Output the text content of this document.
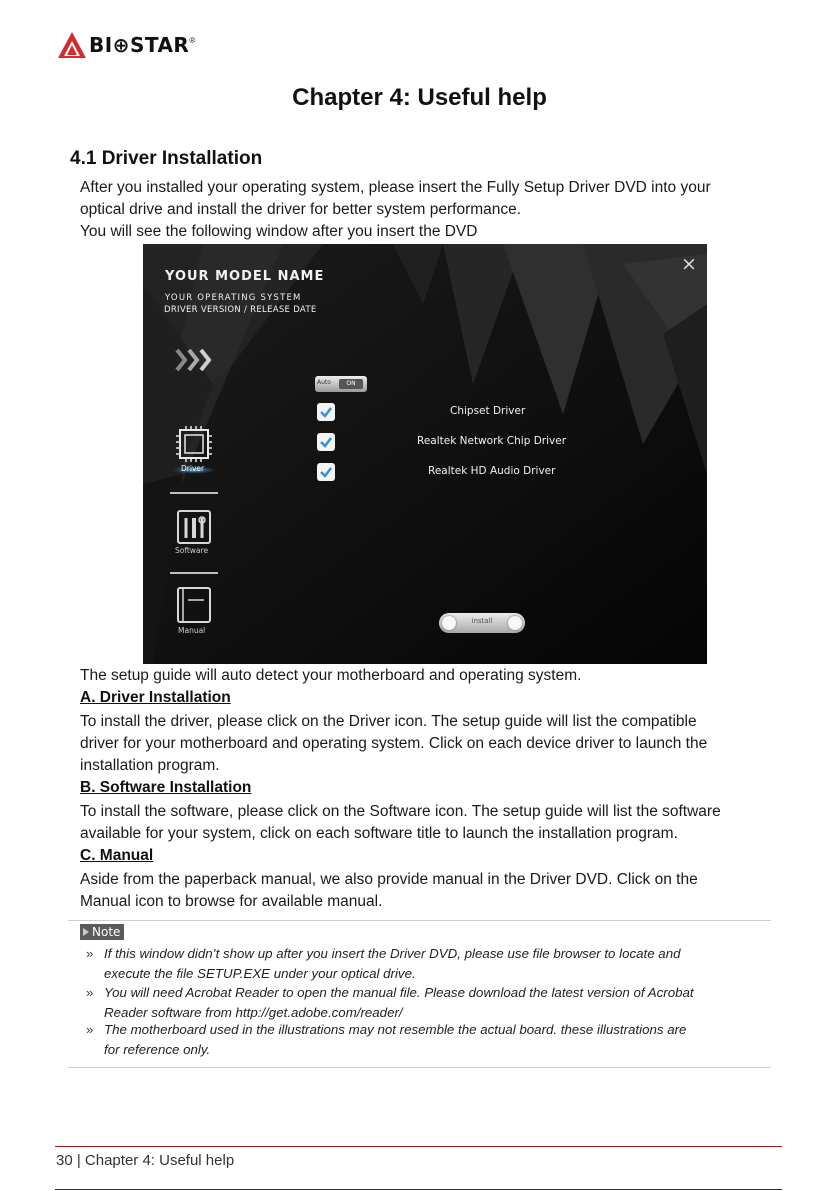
BI⊕STAR ®
Chapter 4: Useful help
4.1 Driver Installation
After you installed your operating system, please insert the Fully Setup Driver DVD into your
optical drive and install the driver for better system performance.
You will see the following window after you insert the DVD
YOUR MODEL NAME
YOUR OPERATING SYSTEM
DRIVER VERSION / RELEASE DATE
×
Driver
Software
Manual
Auto	ON
Chipset Driver
Realtek Network Chip Driver
Realtek HD Audio Driver
install
The setup guide will auto detect your motherboard and operating system.
A. Driver Installation
To install the driver, please click on the Driver icon. The setup guide will list the compatible
driver for your motherboard and operating system. Click on each device driver to launch the
installation program.
B. Software Installation
To install the software, please click on the Software icon. The setup guide will list the software
available for your system, click on each software title to launch the installation program.
C. Manual
Aside from the paperback manual, we also provide manual in the Driver DVD. Click on the
Manual icon to browse for available manual.
Note
» If this window didn’t show up after you insert the Driver DVD, please use file browser to locate and
execute the file SETUP.EXE under your optical drive.
» You will need Acrobat Reader to open the manual file. Please download the latest version of Acrobat
Reader software from http://get.adobe.com/reader/
» The motherboard used in the illustrations may not resemble the actual board. these illustrations are
for reference only.
30 | Chapter 4: Useful help
